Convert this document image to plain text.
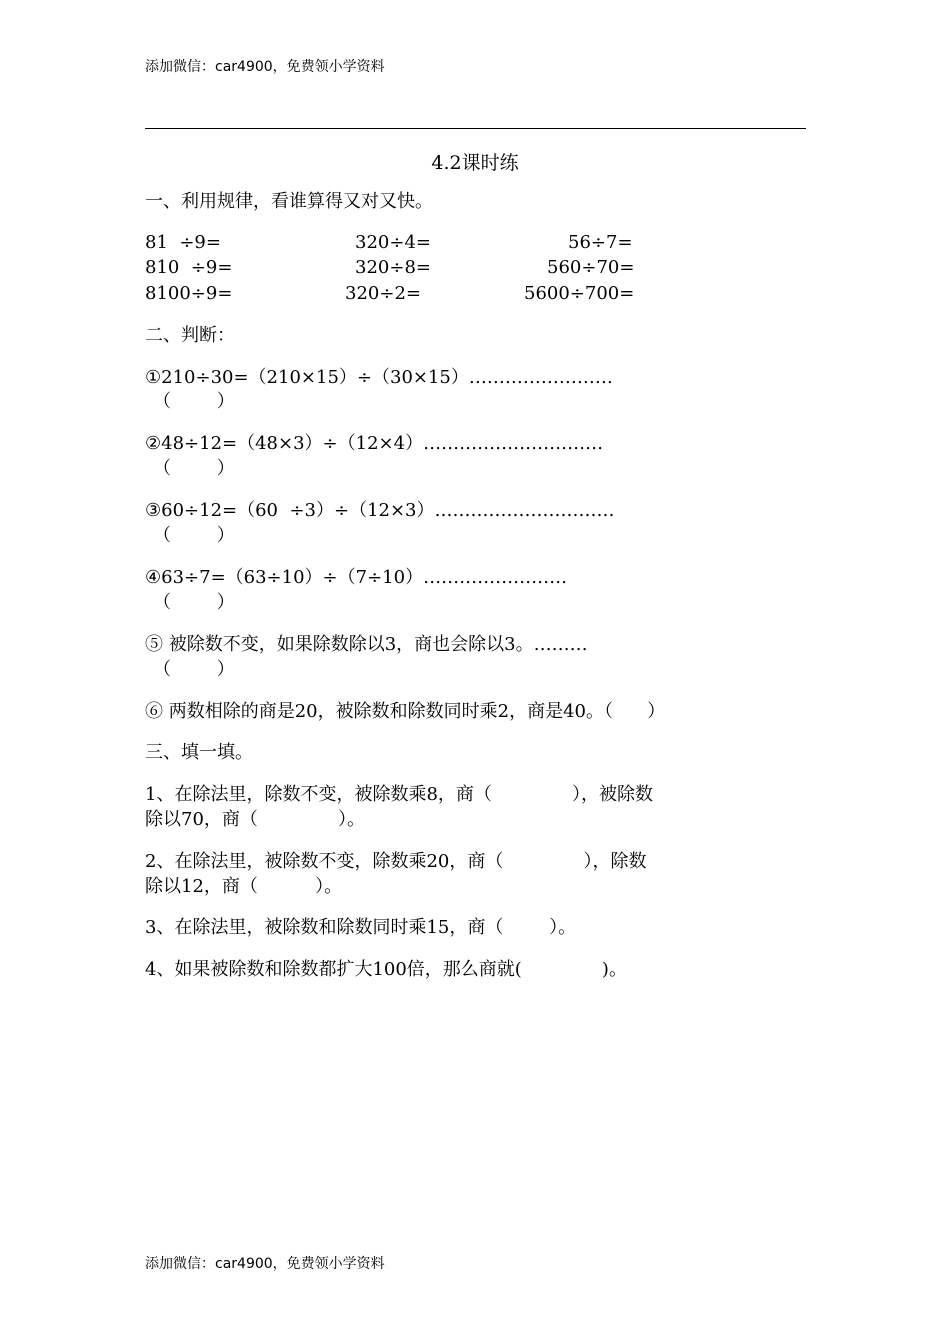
添加微信：car4900，免费领小学资料
4.2课时练
一、利用规律，看谁算得又对又快。
81  ÷9=	320÷4=	56÷7=
810  ÷9=	320÷8=	560÷70=
8100÷9=	320÷2=	5600÷700=
二、判断：
①210÷30=（210×15）÷（30×15）……………………
（        ）
②48÷12=（48×3）÷（12×4）…………………………
（        ）
③60÷12=（60  ÷3）÷（12×3）…………………………
（        ）
④63÷7=（63÷10）÷（7÷10）……………………
（        ）
⑤ 被除数不变，如果除数除以3，商也会除以3。………
（        ）
⑥ 两数相除的商是20，被除数和除数同时乘2，商是40。（      ）
三、填一填。
1、在除法里，除数不变，被除数乘8，商（              ），被除数
除以70，商（              ）。
2、在除法里，被除数不变，除数乘20，商（              ），除数
除以12，商（          ）。
3、在除法里，被除数和除数同时乘15，商（        ）。
4、如果被除数和除数都扩大100倍，那么商就(              )。
添加微信：car4900，免费领小学资料
